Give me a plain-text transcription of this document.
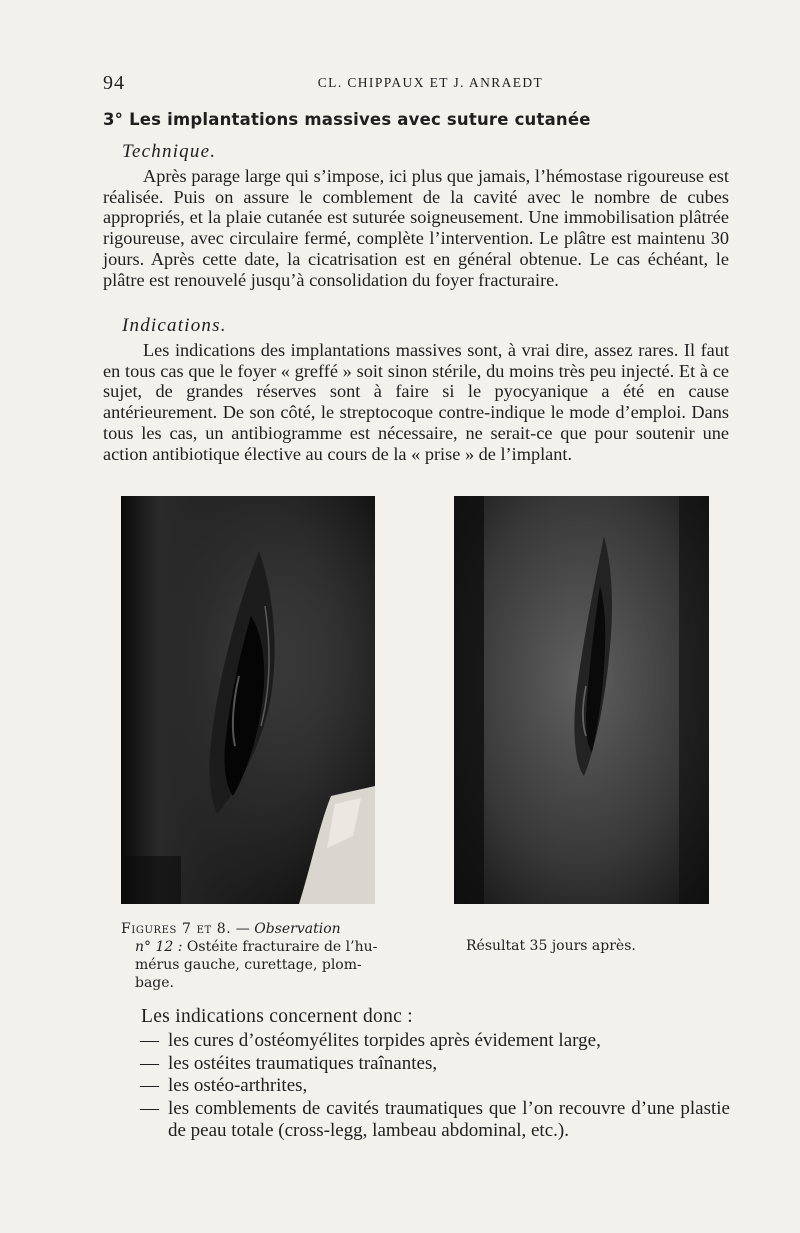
94	CL. CHIPPAUX ET J. ANRAEDT
3° Les implantations massives avec suture cutanée
Technique.

Après parage large qui s’impose, ici plus que jamais, l’hémostase rigoureuse est réalisée. Puis on assure le comblement de la cavité avec le nombre de cubes appropriés, et la plaie cutanée est suturée soigneusement. Une immobilisation plâtrée rigoureuse, avec circulaire fermé, complète l’intervention. Le plâtre est maintenu 30 jours. Après cette date, la cicatrisation est en général obtenue. Le cas échéant, le plâtre est renouvelé jusqu’à consolidation du foyer fracturaire.

Indications.

Les indications des implantations massives sont, à vrai dire, assez rares. Il faut en tous cas que le foyer « greffé » soit sinon stérile, du moins très peu injecté. Et à ce sujet, de grandes réserves sont à faire si le pyocyanique a été en cause antérieurement. De son côté, le streptocoque contre-indique le mode d’emploi. Dans tous les cas, un antibiogramme est nécessaire, ne serait-ce que pour soutenir une action antibiotique élective au cours de la « prise » de l’implant.

Figures 7 et 8. — Observation
n° 12 : Ostéite fracturaire de l’hu-
mérus gauche, curettage, plom-
bage.
Résultat 35 jours après.
Les indications concernent donc :
— les cures d’ostéomyélites torpides après évidement large,
— les ostéites traumatiques traînantes,
— les ostéo-arthrites,
— les comblements de cavités traumatiques que l’on recouvre d’une plastie de peau totale (cross-legg, lambeau abdominal, etc.).
